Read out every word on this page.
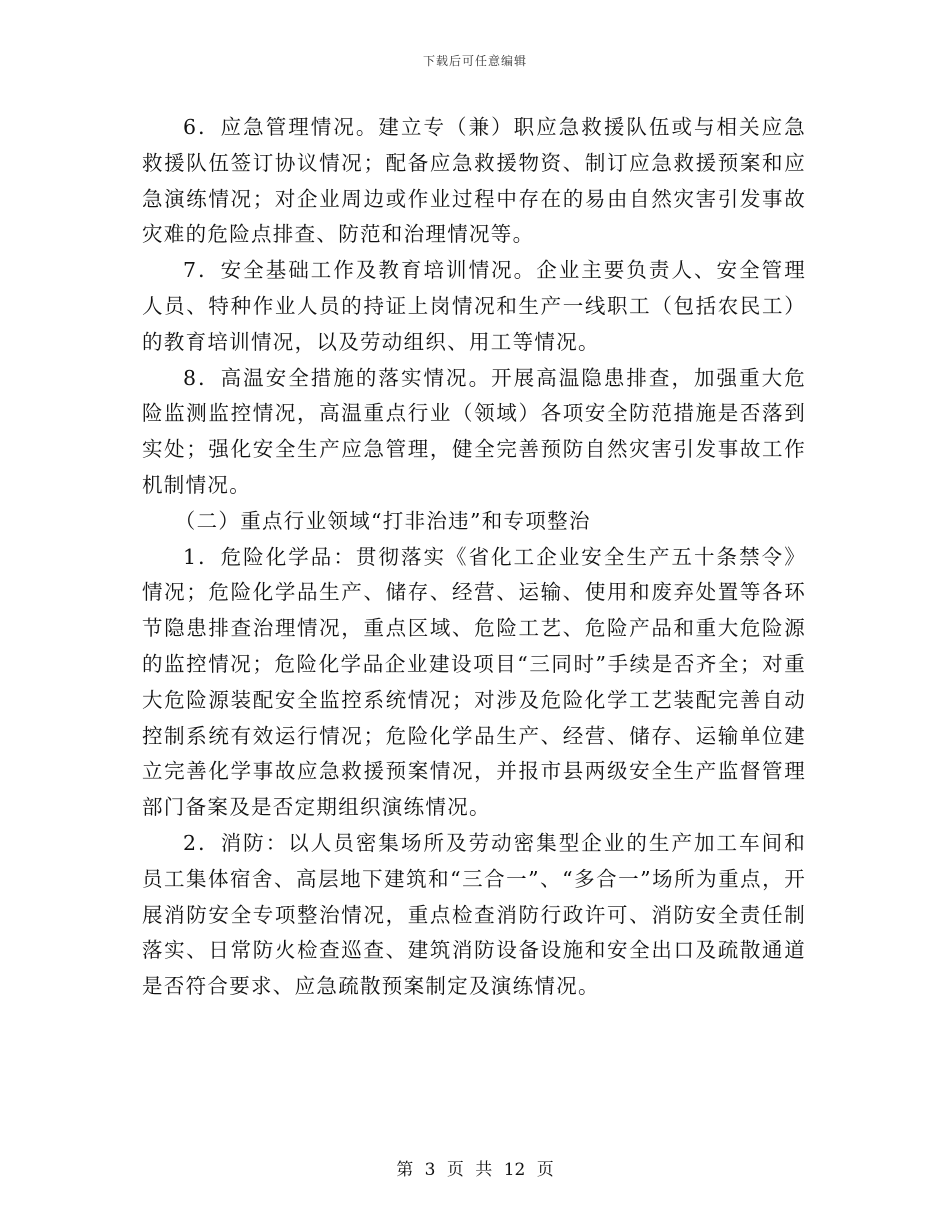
下载后可任意编辑

6．应急管理情况。建立专（兼）职应急救援队伍或与相关应急救援队伍签订协议情况；配备应急救援物资、制订应急救援预案和应急演练情况；对企业周边或作业过程中存在的易由自然灾害引发事故灾难的危险点排查、防范和治理情况等。

7．安全基础工作及教育培训情况。企业主要负责人、安全管理人员、特种作业人员的持证上岗情况和生产一线职工（包括农民工）的教育培训情况，以及劳动组织、用工等情况。

8．高温安全措施的落实情况。开展高温隐患排查，加强重大危险监测监控情况，高温重点行业（领域）各项安全防范措施是否落到实处；强化安全生产应急管理，健全完善预防自然灾害引发事故工作机制情况。

（二）重点行业领域“打非治违”和专项整治

1．危险化学品：贯彻落实《省化工企业安全生产五十条禁令》情况；危险化学品生产、储存、经营、运输、使用和废弃处置等各环节隐患排查治理情况，重点区域、危险工艺、危险产品和重大危险源的监控情况；危险化学品企业建设项目“三同时”手续是否齐全；对重大危险源装配安全监控系统情况；对涉及危险化学工艺装配完善自动控制系统有效运行情况；危险化学品生产、经营、储存、运输单位建立完善化学事故应急救援预案情况，并报市县两级安全生产监督管理部门备案及是否定期组织演练情况。

2．消防：以人员密集场所及劳动密集型企业的生产加工车间和员工集体宿舍、高层地下建筑和“三合一”、“多合一”场所为重点，开展消防安全专项整治情况，重点检查消防行政许可、消防安全责任制落实、日常防火检查巡查、建筑消防设备设施和安全出口及疏散通道是否符合要求、应急疏散预案制定及演练情况。

第 3 页 共 12 页
